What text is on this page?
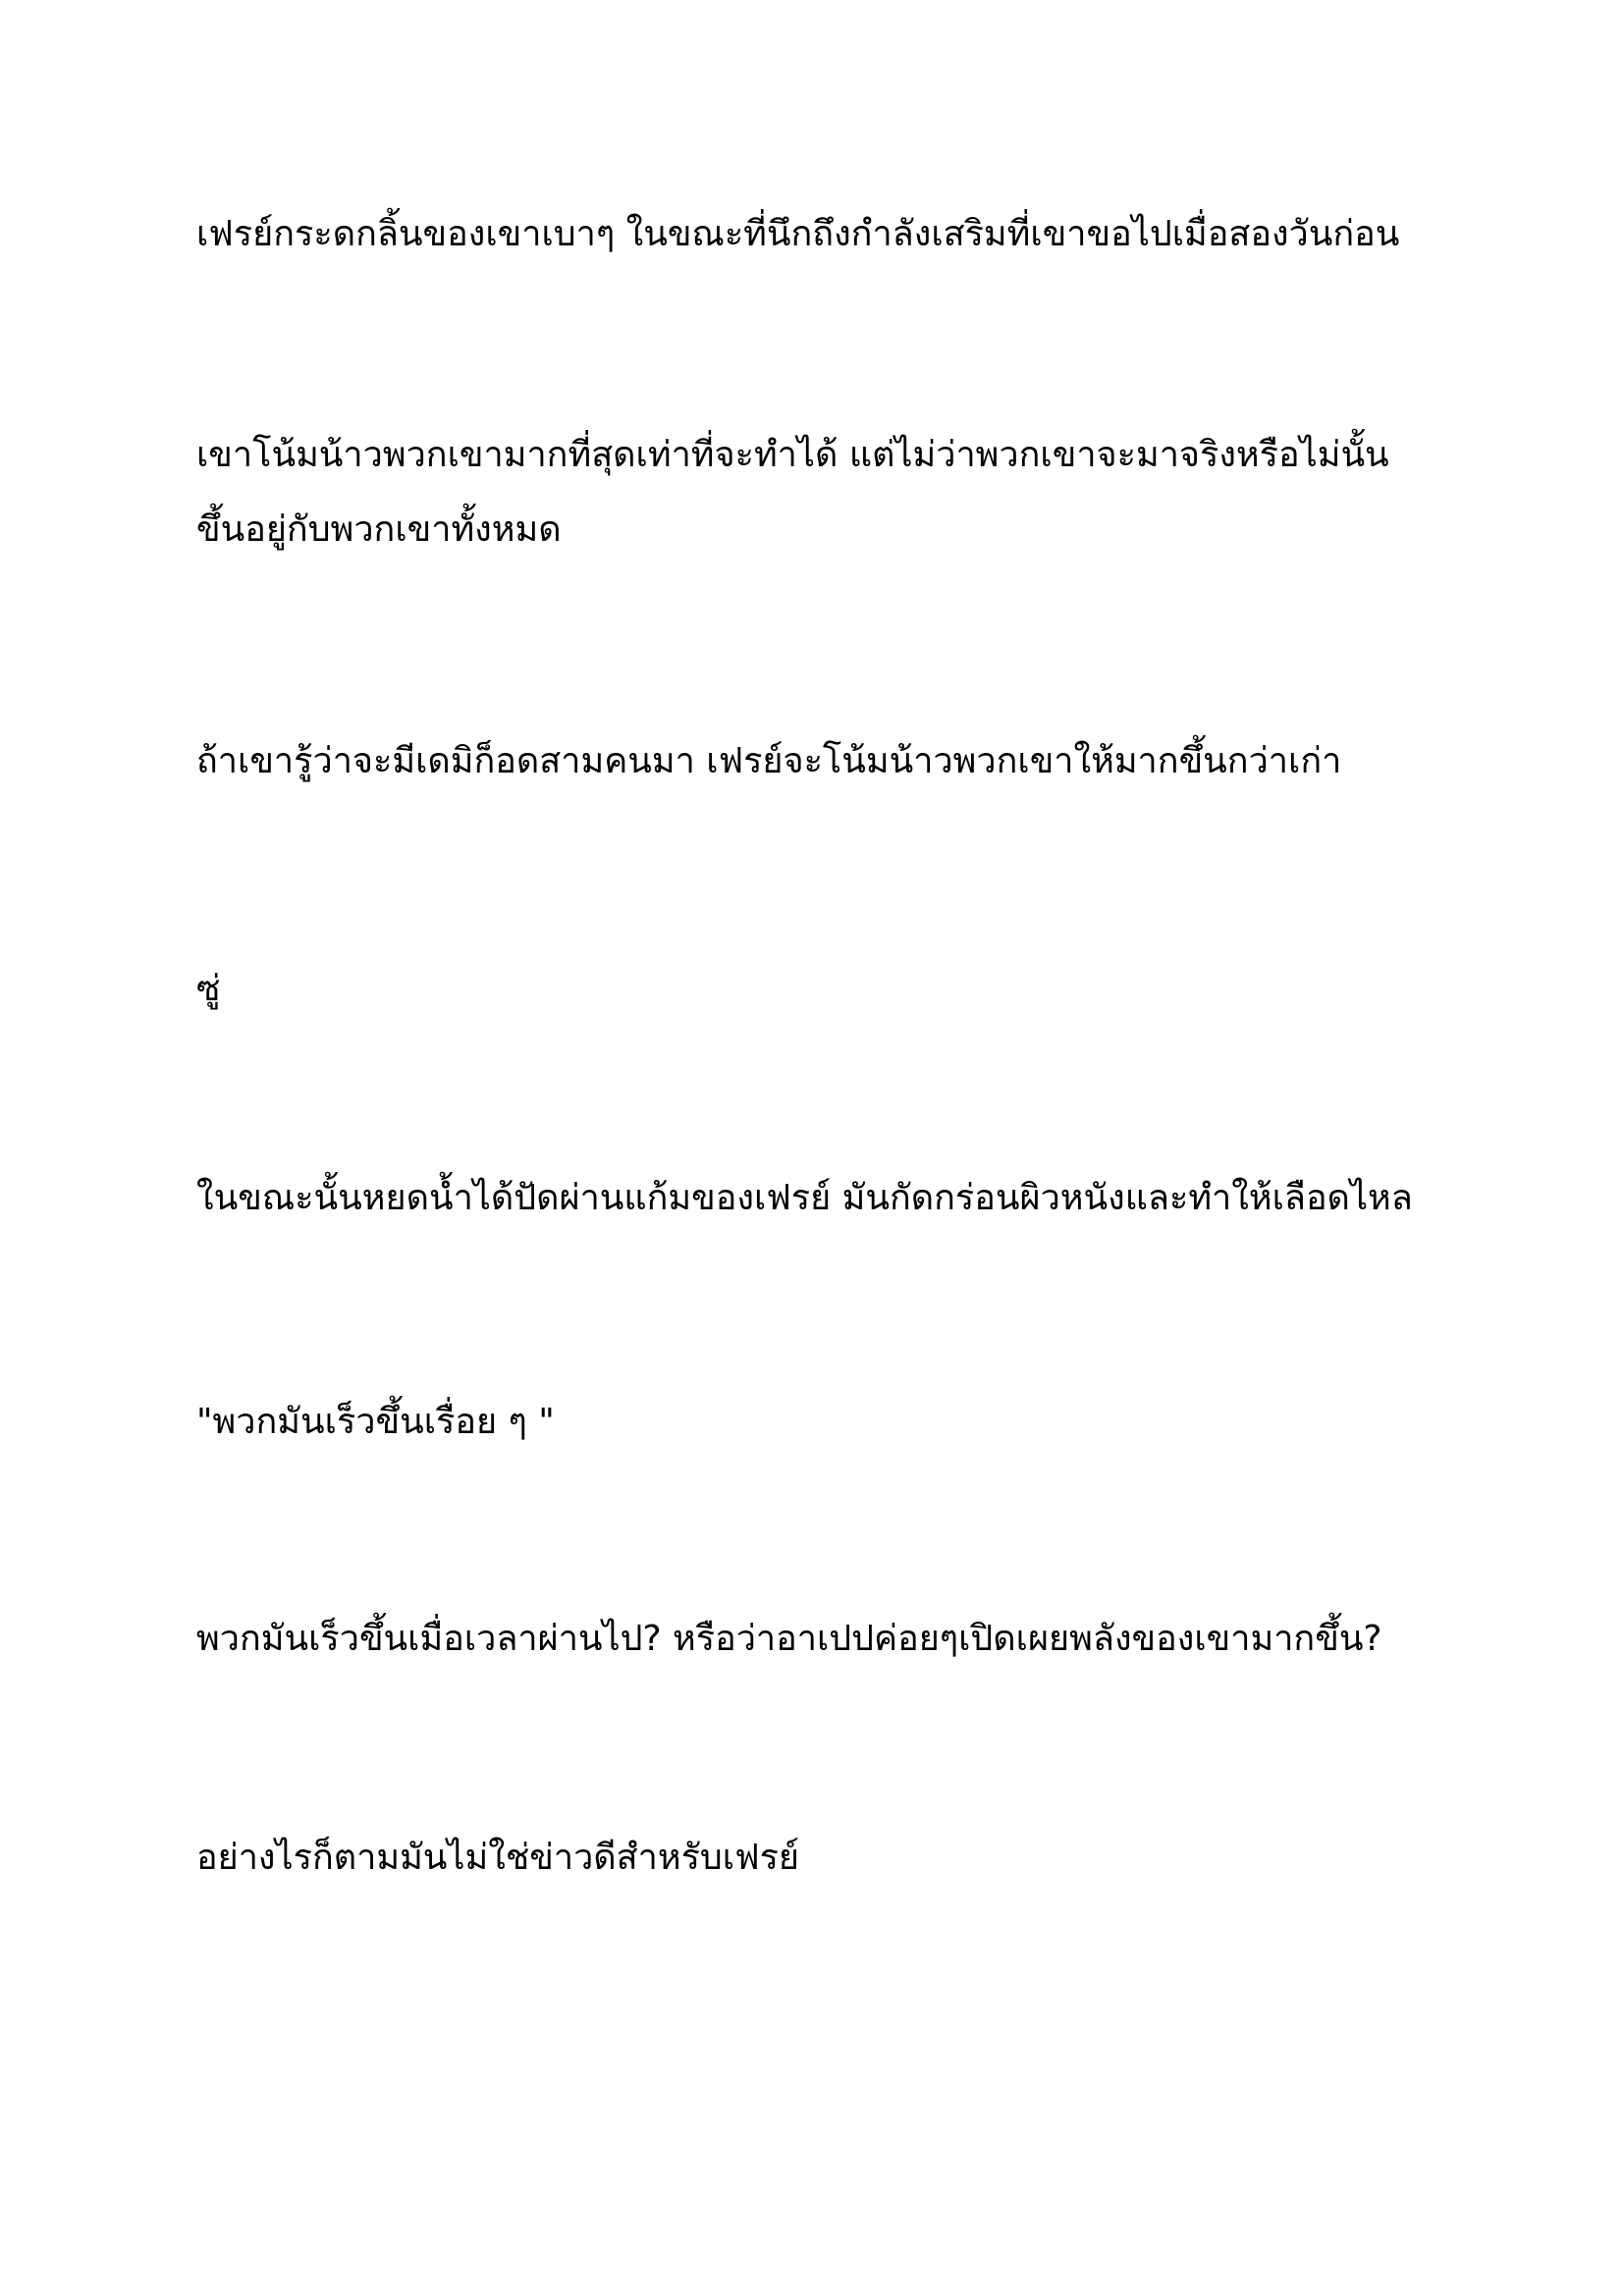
เฟรย์กระดกลิ้นของเขาเบาๆ ในขณะที่นึกถึงกำลังเสริมที่เขาขอไปเมื่อสองวันก่อน

เขาโน้มน้าวพวกเขามากที่สุดเท่าที่จะทำได้ แต่ไม่ว่าพวกเขาจะมาจริงหรือไม่นั้น
ขึ้นอยู่กับพวกเขาทั้งหมด

ถ้าเขารู้ว่าจะมีเดมิก็อดสามคนมา เฟรย์จะโน้มน้าวพวกเขาให้มากขึ้นกว่าเก่า

ซู่

ในขณะนั้นหยดน้ำได้ปัดผ่านแก้มของเฟรย์ มันกัดกร่อนผิวหนังและทำให้เลือดไหล

"พวกมันเร็วขึ้นเรื่อย ๆ "

พวกมันเร็วขึ้นเมื่อเวลาผ่านไป? หรือว่าอาเปปค่อยๆเปิดเผยพลังของเขามากขึ้น?

อย่างไรก็ตามมันไม่ใช่ข่าวดีสำหรับเฟรย์
